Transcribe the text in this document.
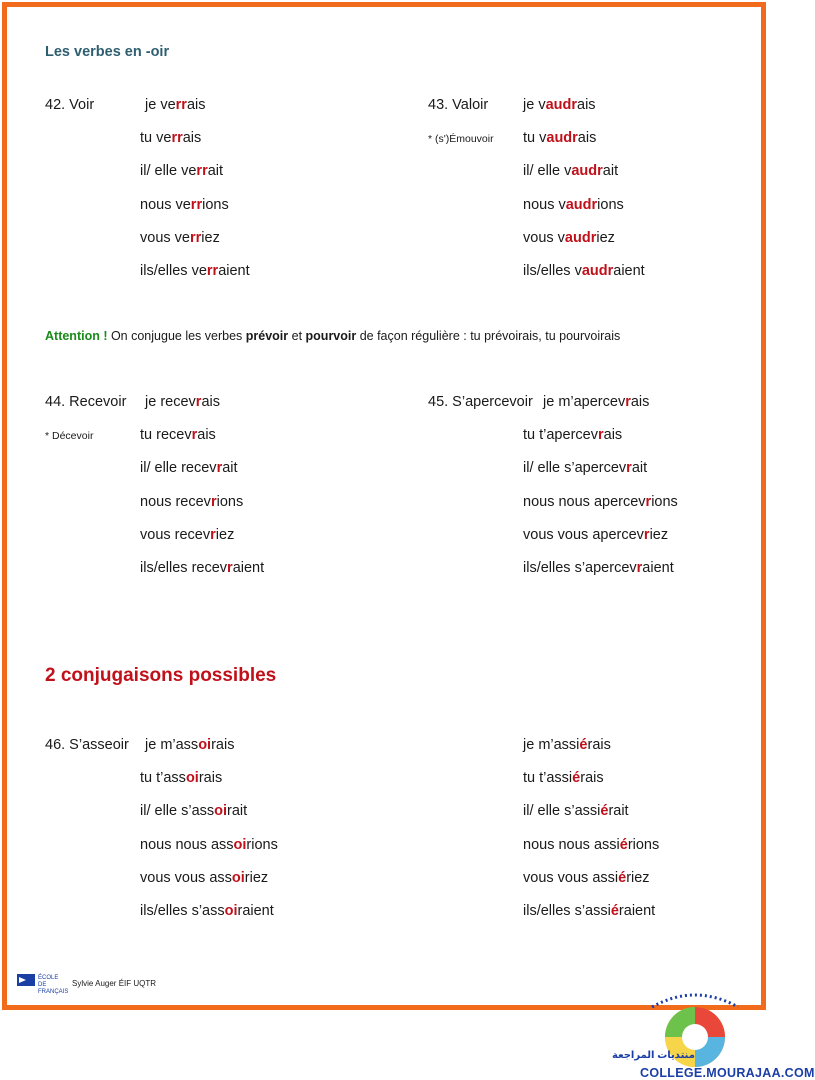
Les verbes en -oir
42. Voir	je verrais
tu verrais
il/ elle verrait
nous verrions
vous verriez
ils/elles verraient
43. Valoir
* (s')Émouvoir
je vaudrais
tu vaudrais
il/ elle vaudrait
nous vaudrions
vous vaudriez
ils/elles vaudraient
Attention ! On conjugue les verbes prévoir et pourvoir de façon régulière : tu prévoirais, tu pourvoirais
44. Recevoir
* Décevoir
je recevrais
tu recevrais
il/ elle recevrait
nous recevrions
vous recevriez
ils/elles recevraient
45. S’apercevoir je m’apercevrais
tu t’apercevrais
il/ elle s’apercevrait
nous nous apercevrions
vous vous apercevriez
ils/elles s’apercevraient
2 conjugaisons possibles
46. S’asseoir je m’assoirais
tu t’assoirais
il/ elle s’assoirait
nous nous assoirions
vous vous assoiriez
ils/elles s’assoiraient
je m’assiérais
tu t’assiérais
il/ elle s’assiérait
nous nous assiérions
vous vous assiériez
ils/elles s’assiéraient
ÉCOLE DE FRANÇAIS
Sylvie Auger ÉIF UQTR
منتديات المراجعة
COLLEGE.MOURAJAA.COM
